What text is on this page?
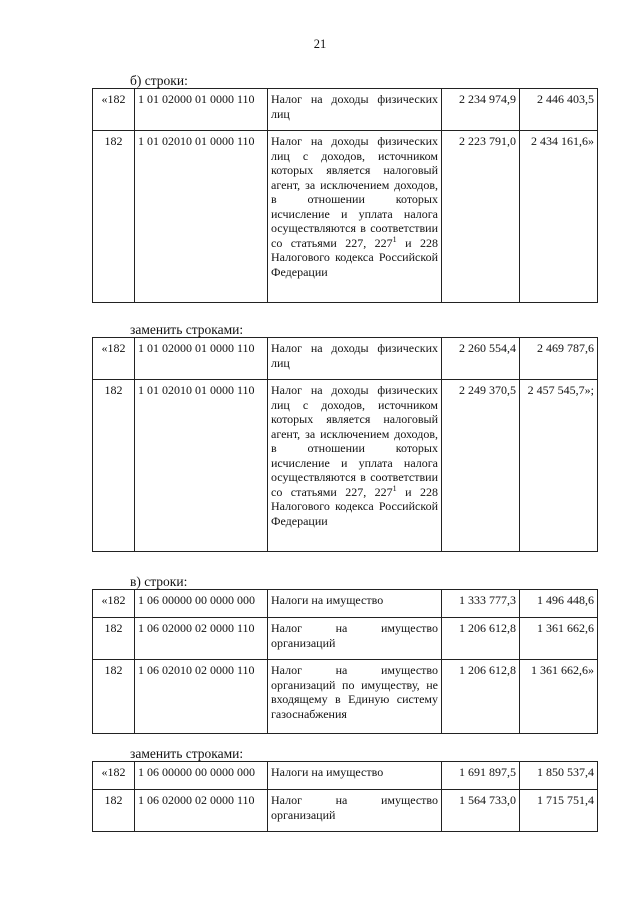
21
б) строки:
«182	1 01 02000 01 0000 110	Налог на доходы физических лиц	2 234 974,9	2 446 403,5
182	1 01 02010 01 0000 110	Налог на доходы физических лиц с доходов, источником которых является налоговый агент, за исключением доходов, в отношении которых исчисление и уплата налога осуществляются в соответствии со статьями 227, $227^1$ и 228 Налогового кодекса Российской Федерации	2 223 791,0	2 434 161,6»
заменить строками:
«182	1 01 02000 01 0000 110	Налог на доходы физических лиц	2 260 554,4	2 469 787,6
182	1 01 02010 01 0000 110	Налог на доходы физических лиц с доходов, источником которых является налоговый агент, за исключением доходов, в отношении которых исчисление и уплата налога осуществляются в соответствии со статьями 227, $227^1$ и 228 Налогового кодекса Российской Федерации	2 249 370,5	2 457 545,7»;
в) строки:
«182	1 06 00000 00 0000 000	Налоги на имущество	1 333 777,3	1 496 448,6
182	1 06 02000 02 0000 110	Налог на имущество организаций	1 206 612,8	1 361 662,6
182	1 06 02010 02 0000 110	Налог на имущество организаций по имуществу, не входящему в Единую систему газоснабжения	1 206 612,8	1 361 662,6»
заменить строками:
«182	1 06 00000 00 0000 000	Налоги на имущество	1 691 897,5	1 850 537,4
182	1 06 02000 02 0000 110	Налог на имущество организаций	1 564 733,0	1 715 751,4
